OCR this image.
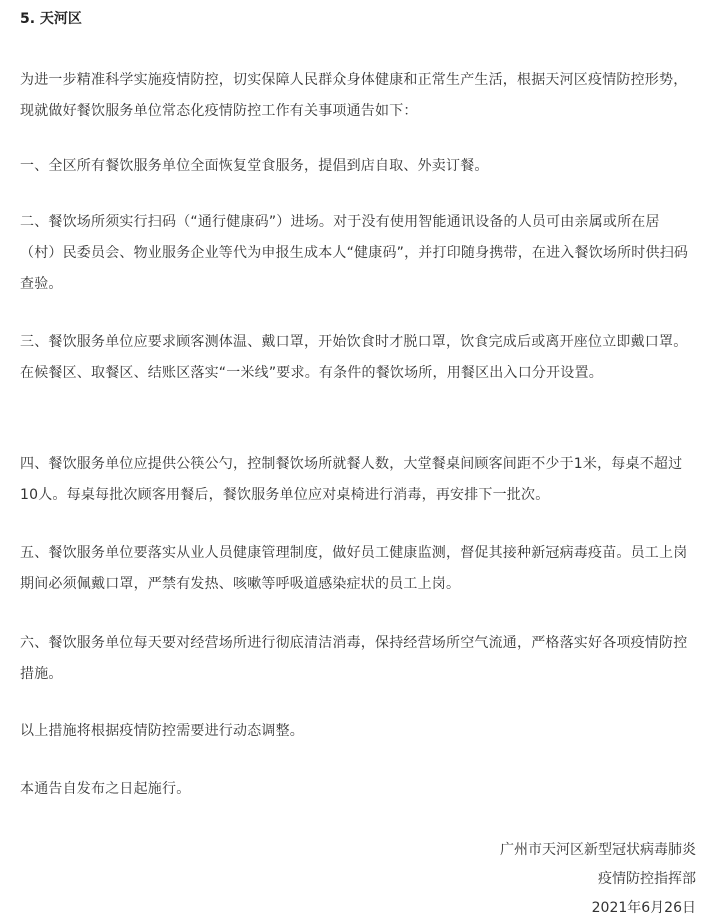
5. 天河区

为进一步精准科学实施疫情防控，切实保障人民群众身体健康和正常生产生活，根据天河区疫情防控形势，现就做好餐饮服务单位常态化疫情防控工作有关事项通告如下：

一、全区所有餐饮服务单位全面恢复堂食服务，提倡到店自取、外卖订餐。

二、餐饮场所须实行扫码（“通行健康码”）进场。对于没有使用智能通讯设备的人员可由亲属或所在居（村）民委员会、物业服务企业等代为申报生成本人“健康码”，并打印随身携带，在进入餐饮场所时供扫码查验。

三、餐饮服务单位应要求顾客测体温、戴口罩，开始饮食时才脱口罩，饮食完成后或离开座位立即戴口罩。在候餐区、取餐区、结账区落实“一米线”要求。有条件的餐饮场所，用餐区出入口分开设置。

四、餐饮服务单位应提供公筷公勺，控制餐饮场所就餐人数，大堂餐桌间顾客间距不少于1米，每桌不超过10人。每桌每批次顾客用餐后，餐饮服务单位应对桌椅进行消毒，再安排下一批次。

五、餐饮服务单位要落实从业人员健康管理制度，做好员工健康监测，督促其接种新冠病毒疫苗。员工上岗期间必须佩戴口罩，严禁有发热、咳嗽等呼吸道感染症状的员工上岗。

六、餐饮服务单位每天要对经营场所进行彻底清洁消毒，保持经营场所空气流通，严格落实好各项疫情防控措施。

以上措施将根据疫情防控需要进行动态调整。

本通告自发布之日起施行。

广州市天河区新型冠状病毒肺炎
疫情防控指挥部
2021年6月26日
